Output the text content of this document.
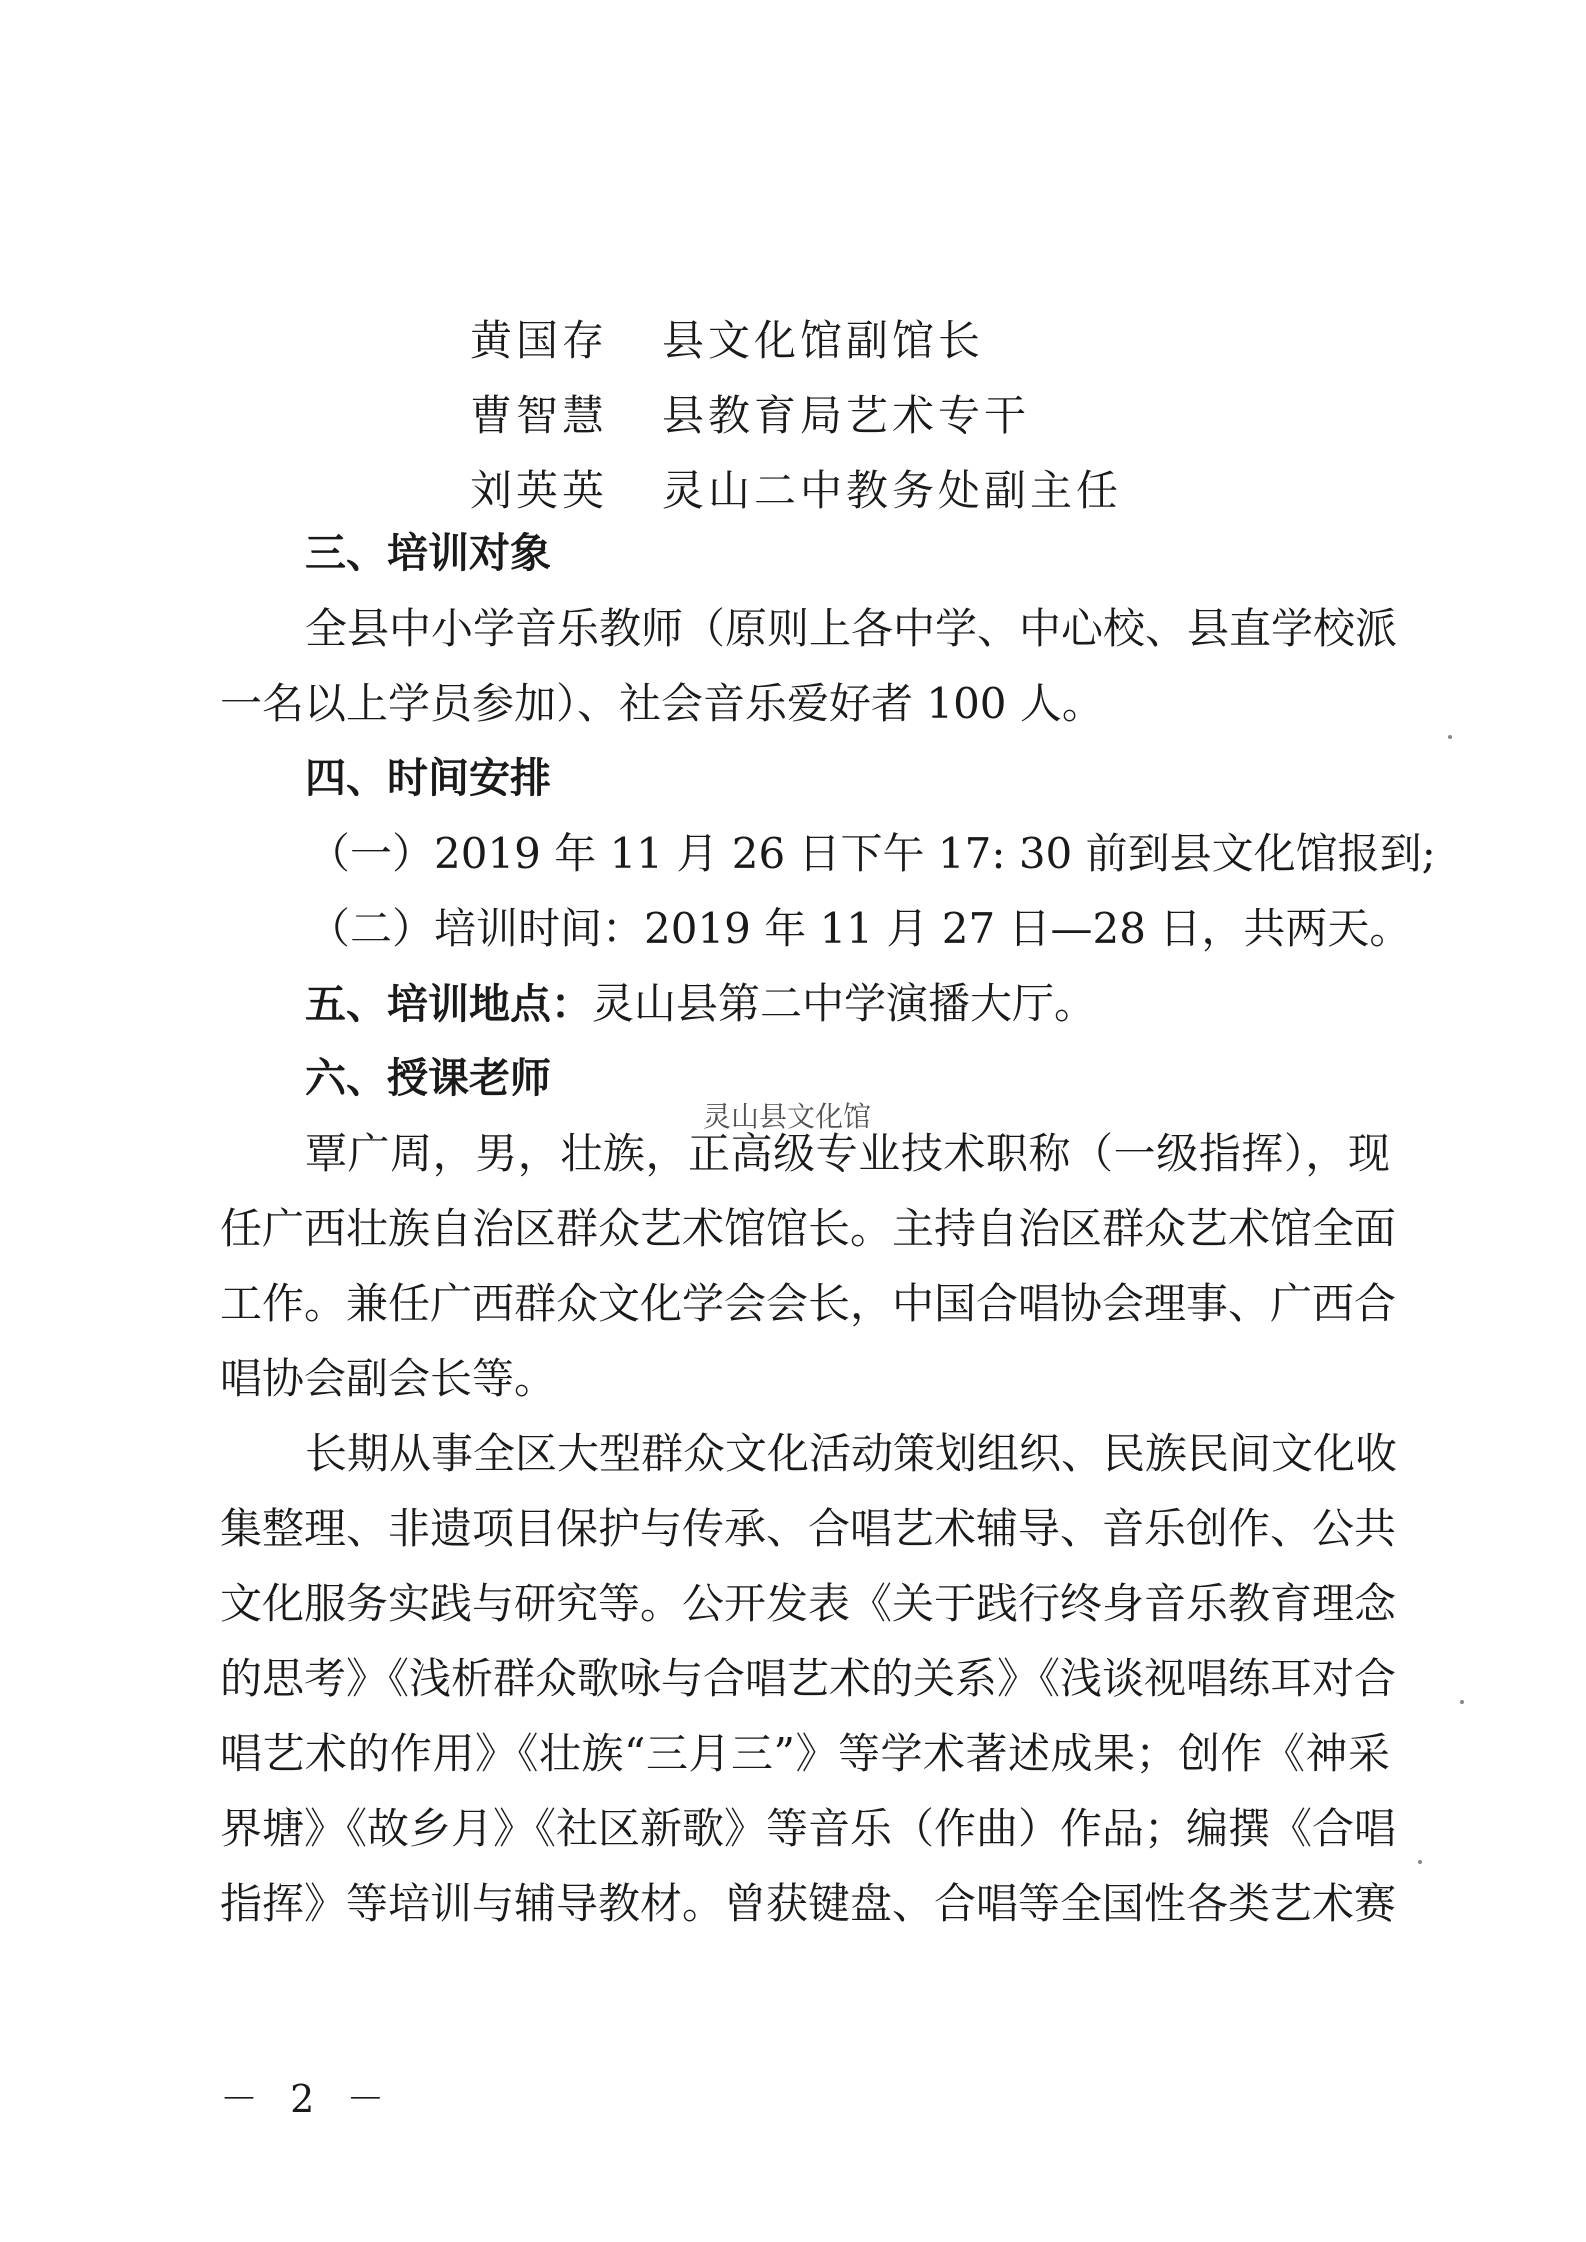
黄国存 县文化馆副馆长
曹智慧 县教育局艺术专干
刘英英 灵山二中教务处副主任
三、培训对象
全县中小学音乐教师（原则上各中学、中心校、县直学校派
一名以上学员参加）、社会音乐爱好者 100 人。
四、时间安排
（一）2019 年 11 月 26 日下午 17: 30 前到县文化馆报到;
（二）培训时间：2019 年 11 月 27 日—28 日，共两天。
五、培训地点：灵山县第二中学演播大厅。
六、授课老师
灵山县文化馆
覃广周，男，壮族，正高级专业技术职称（一级指挥），现
任广西壮族自治区群众艺术馆馆长。主持自治区群众艺术馆全面
工作。兼任广西群众文化学会会长，中国合唱协会理事、广西合
唱协会副会长等。
长期从事全区大型群众文化活动策划组织、民族民间文化收
集整理、非遗项目保护与传承、合唱艺术辅导、音乐创作、公共
文化服务实践与研究等。公开发表《关于践行终身音乐教育理念
的思考》《浅析群众歌咏与合唱艺术的关系》《浅谈视唱练耳对合
唱艺术的作用》《壮族“三月三”》等学术著述成果；创作《神采
界塘》《故乡月》《社区新歌》等音乐（作曲）作品；编撰《合唱
指挥》等培训与辅导教材。曾获键盘、合唱等全国性各类艺术赛
－ 2 －
